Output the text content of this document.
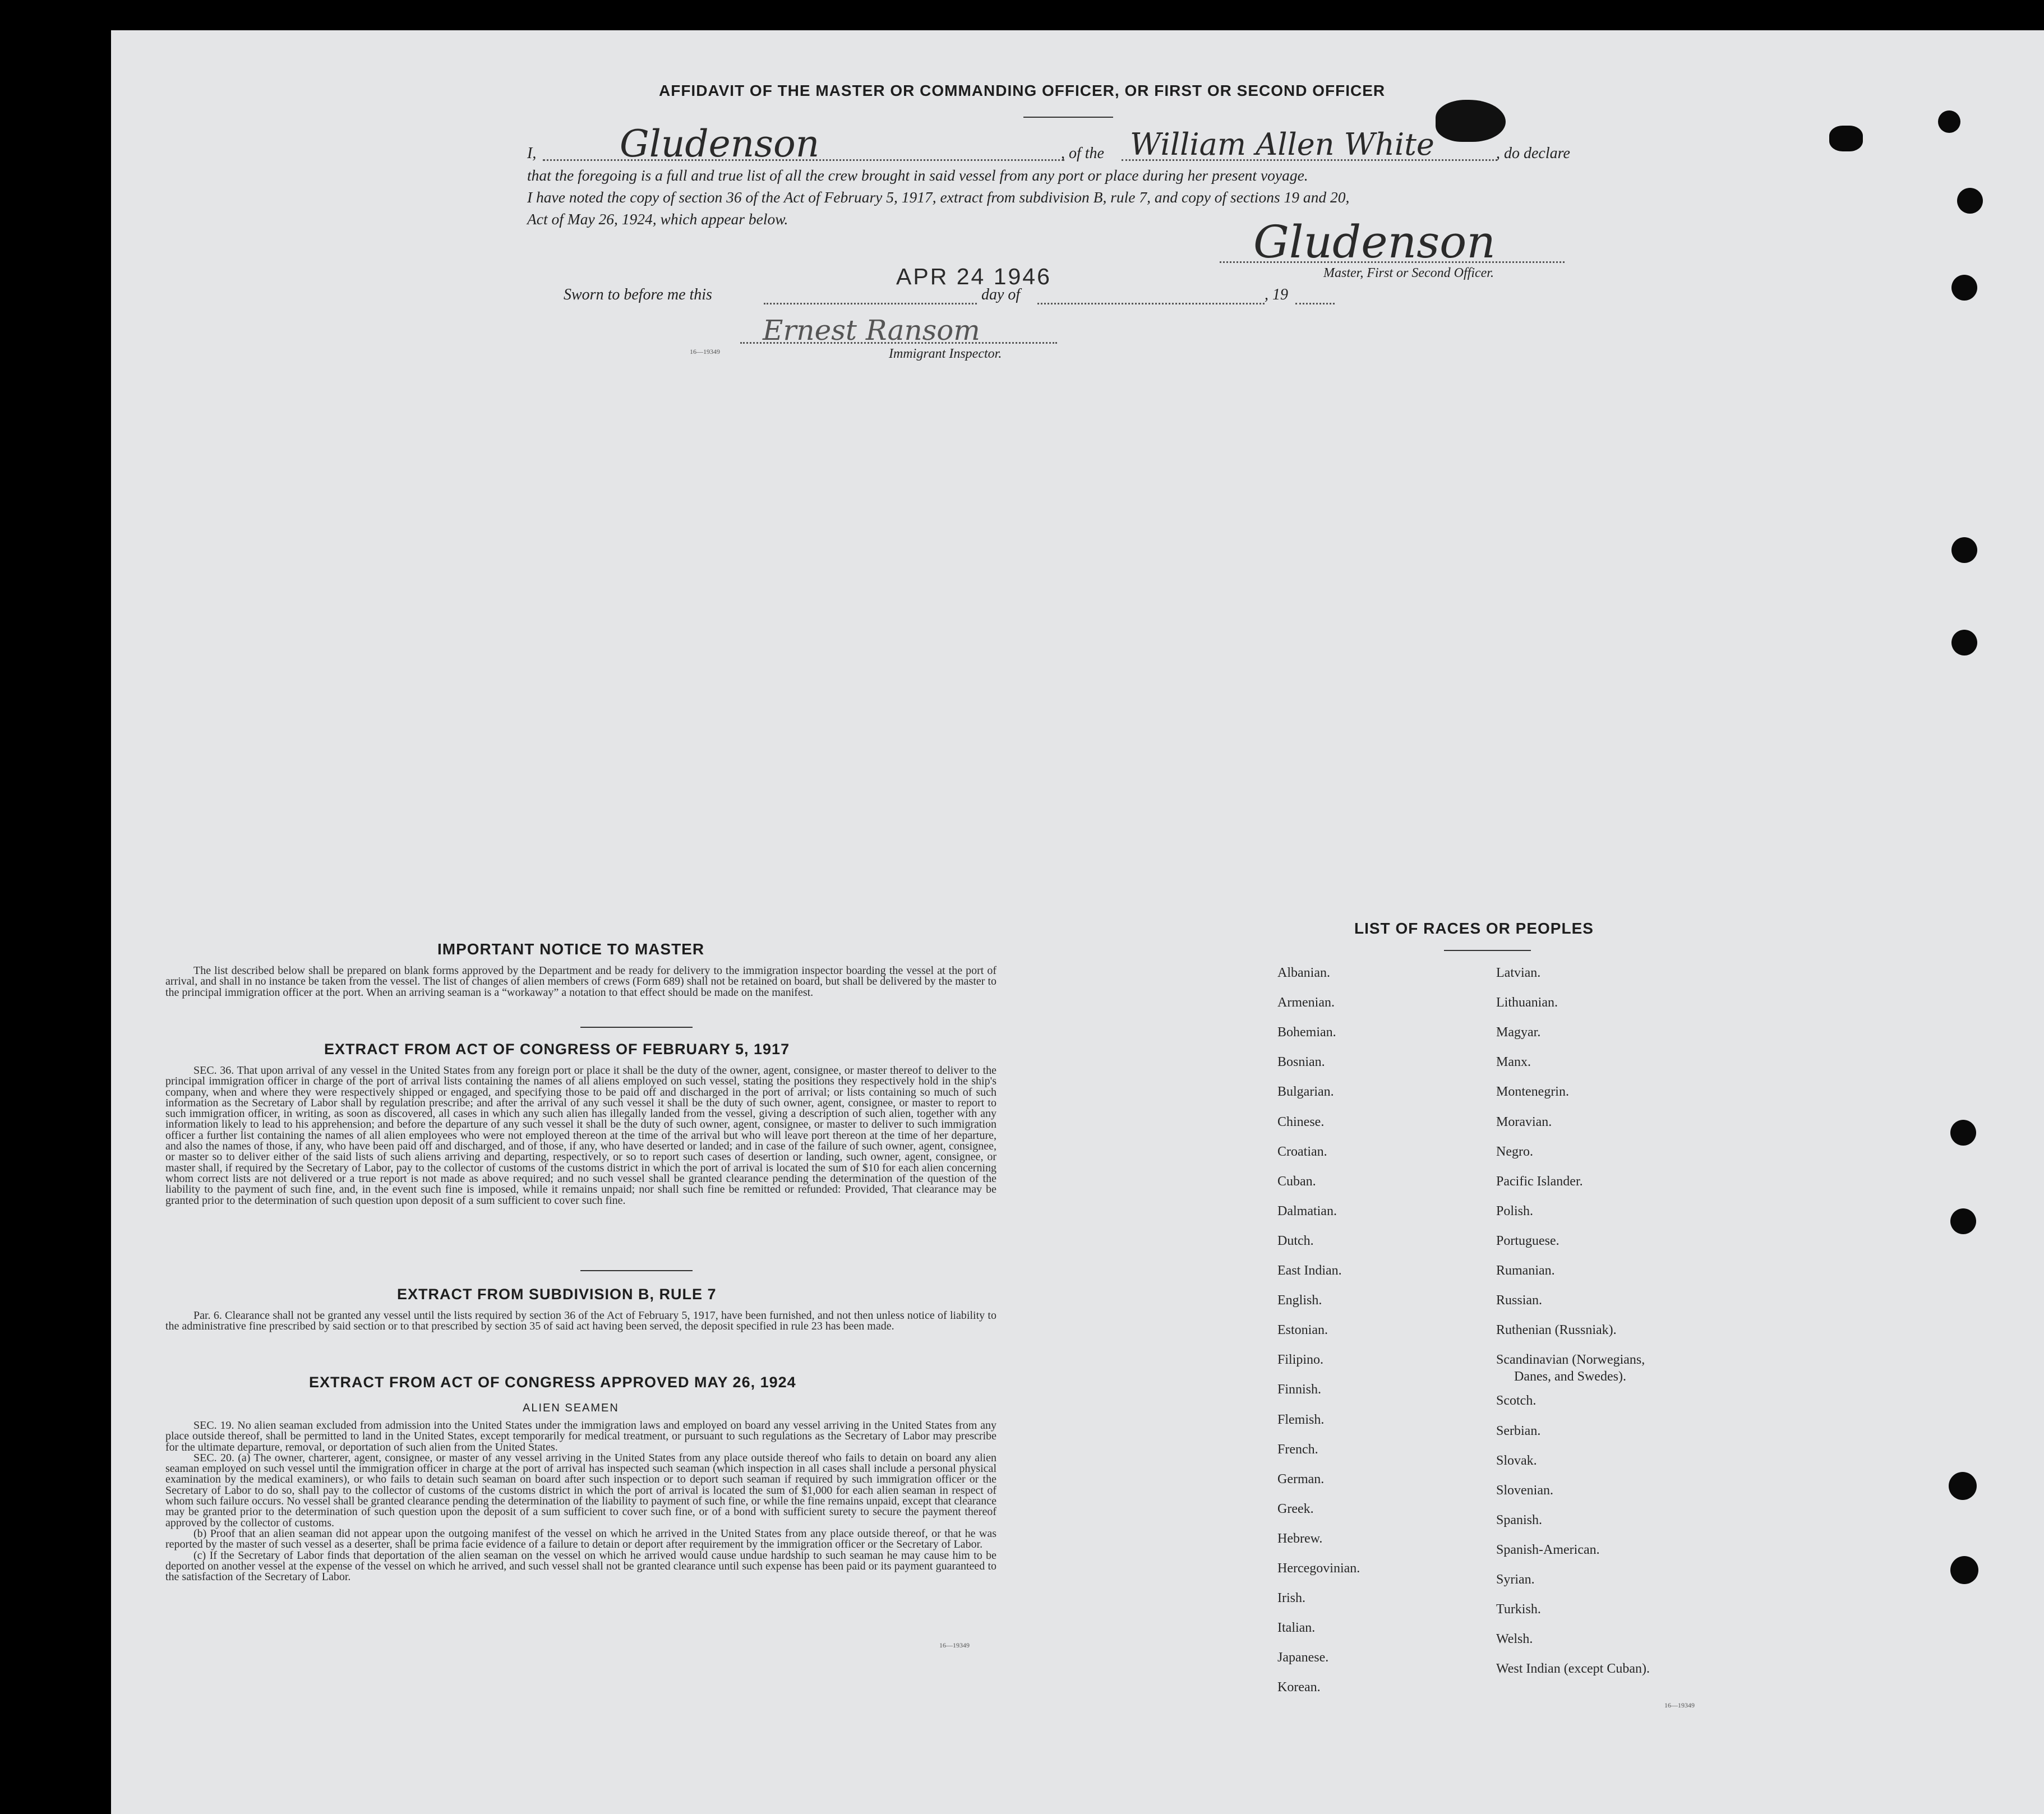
AFFIDAVIT OF THE MASTER OR COMMANDING OFFICER, OR FIRST OR SECOND OFFICER
I, Gludenson	, of the William Allen White	, do declare
that the foregoing is a full and true list of all the crew brought in said vessel from any port or place during her present voyage.
I have noted the copy of section 36 of the Act of February 5, 1917, extract from subdivision B, rule 7, and copy of sections 19 and 20,
Act of May 26, 1924, which appear below.	Gludenson
Master, First or Second Officer.
Sworn to before me this
APR 24 1946
day of	, 19
16—19349
Ernest Ransom
Immigrant Inspector.
IMPORTANT NOTICE TO MASTER

The list described below shall be prepared on blank forms approved by the Department and be ready for delivery to the immigration inspector boarding the vessel at the port of arrival, and shall in no instance be taken from the vessel. The list of changes of alien members of crews (Form 689) shall not be retained on board, but shall be delivered by the master to the principal immigration officer at the port. When an arriving seaman is a “workaway” a notation to that effect should be made on the manifest.

EXTRACT FROM ACT OF CONGRESS OF FEBRUARY 5, 1917

SEC. 36. That upon arrival of any vessel in the United States from any foreign port or place it shall be the duty of the owner, agent, consignee, or master thereof to deliver to the principal immigration officer in charge of the port of arrival lists containing the names of all aliens employed on such vessel, stating the positions they respectively hold in the ship's company, when and where they were respectively shipped or engaged, and specifying those to be paid off and discharged in the port of arrival; or lists containing so much of such information as the Secretary of Labor shall by regulation prescribe; and after the arrival of any such vessel it shall be the duty of such owner, agent, consignee, or master to report to such immigration officer, in writing, as soon as discovered, all cases in which any such alien has illegally landed from the vessel, giving a description of such alien, together with any information likely to lead to his apprehension; and before the departure of any such vessel it shall be the duty of such owner, agent, consignee, or master to deliver to such immigration officer a further list containing the names of all alien employees who were not employed thereon at the time of the arrival but who will leave port thereon at the time of her departure, and also the names of those, if any, who have been paid off and discharged, and of those, if any, who have deserted or landed; and in case of the failure of such owner, agent, consignee, or master so to deliver either of the said lists of such aliens arriving and departing, respectively, or so to report such cases of desertion or landing, such owner, agent, consignee, or master shall, if required by the Secretary of Labor, pay to the collector of customs of the customs district in which the port of arrival is located the sum of $10 for each alien concerning whom correct lists are not delivered or a true report is not made as above required; and no such vessel shall be granted clearance pending the determination of the question of the liability to the payment of such fine, and, in the event such fine is imposed, while it remains unpaid; nor shall such fine be remitted or refunded: Provided, That clearance may be granted prior to the determination of such question upon deposit of a sum sufficient to cover such fine.

EXTRACT FROM SUBDIVISION B, RULE 7

Par. 6. Clearance shall not be granted any vessel until the lists required by section 36 of the Act of February 5, 1917, have been furnished, and not then unless notice of liability to the administrative fine prescribed by said section or to that prescribed by section 35 of said act having been served, the deposit specified in rule 23 has been made.

EXTRACT FROM ACT OF CONGRESS APPROVED MAY 26, 1924
ALIEN SEAMEN

SEC. 19. No alien seaman excluded from admission into the United States under the immigration laws and employed on board any vessel arriving in the United States from any place outside thereof, shall be permitted to land in the United States, except temporarily for medical treatment, or pursuant to such regulations as the Secretary of Labor may prescribe for the ultimate departure, removal, or deportation of such alien from the United States.

SEC. 20. (a) The owner, charterer, agent, consignee, or master of any vessel arriving in the United States from any place outside thereof who fails to detain on board any alien seaman employed on such vessel until the immigration officer in charge at the port of arrival has inspected such seaman (which inspection in all cases shall include a personal physical examination by the medical examiners), or who fails to detain such seaman on board after such inspection or to deport such seaman if required by such immigration officer or the Secretary of Labor to do so, shall pay to the collector of customs of the customs district in which the port of arrival is located the sum of $1,000 for each alien seaman in respect of whom such failure occurs. No vessel shall be granted clearance pending the determination of the liability to payment of such fine, or while the fine remains unpaid, except that clearance may be granted prior to the determination of such question upon the deposit of a sum sufficient to cover such fine, or of a bond with sufficient surety to secure the payment thereof approved by the collector of customs.

(b) Proof that an alien seaman did not appear upon the outgoing manifest of the vessel on which he arrived in the United States from any place outside thereof, or that he was reported by the master of such vessel as a deserter, shall be prima facie evidence of a failure to detain or deport after requirement by the immigration officer or the Secretary of Labor.

(c) If the Secretary of Labor finds that deportation of the alien seaman on the vessel on which he arrived would cause undue hardship to such seaman he may cause him to be deported on another vessel at the expense of the vessel on which he arrived, and such vessel shall not be granted clearance until such expense has been paid or its payment guaranteed to the satisfaction of the Secretary of Labor.

16—19349
LIST OF RACES OR PEOPLES
Albanian.
Armenian.
Bohemian.
Bosnian.
Bulgarian.
Chinese.
Croatian.
Cuban.
Dalmatian.
Dutch.
East Indian.
English.
Estonian.
Filipino.
Finnish.
Flemish.
French.
German.
Greek.
Hebrew.
Hercegovinian.
Irish.
Italian.
Japanese.
Korean.
Latvian.
Lithuanian.
Magyar.
Manx.
Montenegrin.
Moravian.
Negro.
Pacific Islander.
Polish.
Portuguese.
Rumanian.
Russian.
Ruthenian (Russniak).
Scandinavian (Norwegians,
Danes, and Swedes).
Scotch.
Serbian.
Slovak.
Slovenian.
Spanish.
Spanish-American.
Syrian.
Turkish.
Welsh.
West Indian (except Cuban).
16—19349
